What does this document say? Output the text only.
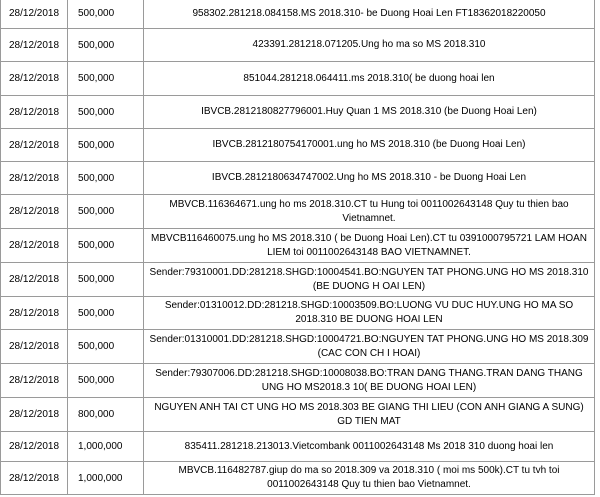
28/12/2018	500,000	958302.281218.084158.MS 2018.310- be Duong Hoai Len FT18362018220050
28/12/2018	500,000	423391.281218.071205.Ung ho ma so MS 2018.310
28/12/2018	500,000	851044.281218.064411.ms 2018.310( be duong hoai len
28/12/2018	500,000	IBVCB.2812180827796001.Huy Quan 1 MS 2018.310 (be Duong Hoai Len)
28/12/2018	500,000	IBVCB.2812180754170001.ung ho MS 2018.310 (be Duong Hoai Len)
28/12/2018	500,000	IBVCB.2812180634747002.Ung ho MS 2018.310 - be Duong Hoai Len
28/12/2018	500,000	MBVCB.116364671.ung ho ms 2018.310.CT tu Hung toi 0011002643148 Quy tu thien bao Vietnamnet.
28/12/2018	500,000	MBVCB116460075.ung ho MS 2018.310 ( be Duong Hoai Len).CT tu 0391000795721 LAM HOAN LIEM toi 0011002643148 BAO VIETNAMNET.
28/12/2018	500,000	Sender:79310001.DD:281218.SHGD:10004541.BO:NGUYEN TAT PHONG.UNG HO MS 2018.310 (BE DUONG H OAI LEN)
28/12/2018	500,000	Sender:01310012.DD:281218.SHGD:10003509.BO:LUONG VU DUC HUY.UNG HO MA SO 2018.310 BE DUONG HOAI LEN
28/12/2018	500,000	Sender:01310001.DD:281218.SHGD:10004721.BO:NGUYEN TAT PHONG.UNG HO MS 2018.309 (CAC CON CH I HOAI)
28/12/2018	500,000	Sender:79307006.DD:281218.SHGD:10008038.BO:TRAN DANG THANG.TRAN DANG THANG UNG HO MS2018.3 10( BE DUONG HOAI LEN)
28/12/2018	800,000	NGUYEN ANH TAI CT UNG HO MS 2018.303 BE GIANG THI LIEU (CON ANH GIANG A SUNG) GD TIEN MAT
28/12/2018	1,000,000	835411.281218.213013.Vietcombank 0011002643148 Ms 2018 310 duong hoai len
28/12/2018	1,000,000	MBVCB.116482787.giup do ma so 2018.309 va 2018.310 ( moi ms 500k).CT tu tvh toi 0011002643148 Quy tu thien bao Vietnamnet.
